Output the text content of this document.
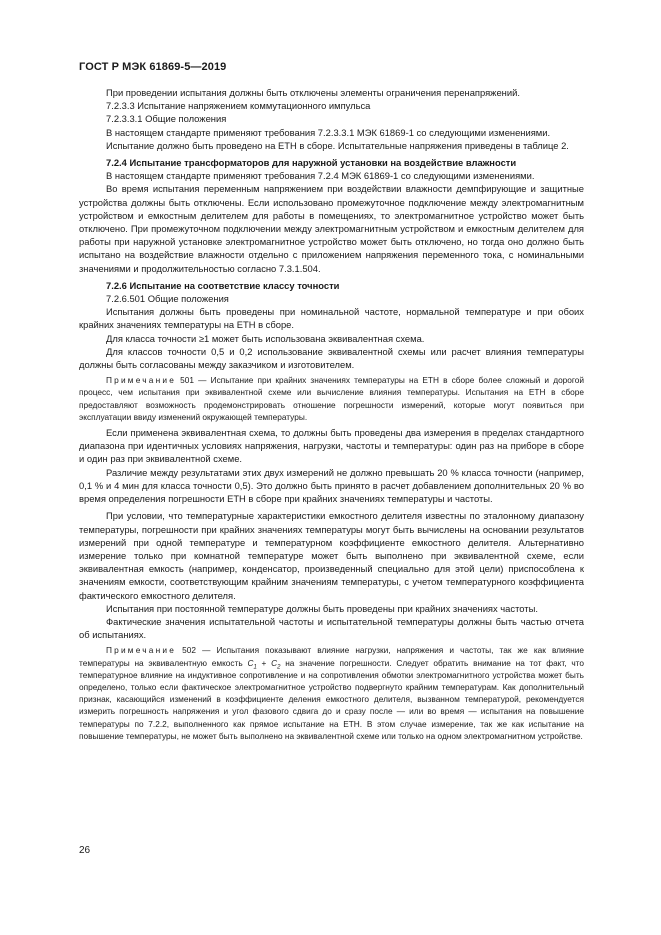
ГОСТ Р МЭК 61869-5—2019

При проведении испытания должны быть отключены элементы ограничения перенапряжений.

7.2.3.3 Испытание напряжением коммутационного импульса

7.2.3.3.1 Общие положения

В настоящем стандарте применяют требования 7.2.3.3.1 МЭК 61869-1 со следующими изменениями.

Испытание должно быть проведено на ЕТН в сборе. Испытательные напряжения приведены в таблице 2.

7.2.4 Испытание трансформаторов для наружной установки на воздействие влажности

В настоящем стандарте применяют требования 7.2.4 МЭК 61869-1 со следующими изменениями.

Во время испытания переменным напряжением при воздействии влажности демпфирующие и защитные устройства должны быть отключены. Если использовано промежуточное подключение между электромагнитным устройством и емкостным делителем для работы в помещениях, то электромагнитное устройство может быть отключено. При промежуточном подключении между электромагнитным устройством и емкостным делителем для работы при наружной установке электромагнитное устройство может быть отключено, но тогда оно должно быть испытано на воздействие влажности отдельно с приложением напряжения переменного тока, с номинальными значениями и продолжительностью согласно 7.3.1.504.

7.2.6 Испытание на соответствие классу точности

7.2.6.501 Общие положения

Испытания должны быть проведены при номинальной частоте, нормальной температуре и при обоих крайних значениях температуры на ЕТН в сборе.

Для класса точности ≥1 может быть использована эквивалентная схема.

Для классов точности 0,5 и 0,2 использование эквивалентной схемы или расчет влияния температуры должны быть согласованы между заказчиком и изготовителем.

Примечание 501 — Испытание при крайних значениях температуры на ЕТН в сборе более сложный и дорогой процесс, чем испытания при эквивалентной схеме или вычисление влияния температуры. Испытания на ЕТН в сборе предоставляют возможность продемонстрировать отношение погрешности измерений, которые могут появиться при эксплуатации ввиду изменений окружающей температуры.

Если применена эквивалентная схема, то должны быть проведены два измерения в пределах стандартного диапазона при идентичных условиях напряжения, нагрузки, частоты и температуры: один раз на приборе в сборе и один раз при эквивалентной схеме.

Различие между результатами этих двух измерений не должно превышать 20 % класса точности (например, 0,1 % и 4 мин для класса точности 0,5). Это должно быть принято в расчет добавлением дополнительных 20 % во время определения погрешности ЕТН в сборе при крайних значениях температуры и частоты.

При условии, что температурные характеристики емкостного делителя известны по эталонному диапазону температуры, погрешности при крайних значениях температуры могут быть вычислены на основании результатов измерений при одной температуре и температурном коэффициенте емкостного делителя. Альтернативно измерение только при комнатной температуре может быть выполнено при эквивалентной схеме, если эквивалентная емкость (например, конденсатор, произведенный специально для этой цели) приспособлена к значениям емкости, соответствующим крайним значениям температуры, с учетом температурного коэффициента фактического емкостного делителя.

Испытания при постоянной температуре должны быть проведены при крайних значениях частоты.

Фактические значения испытательной частоты и испытательной температуры должны быть частью отчета об испытаниях.

Примечание 502 — Испытания показывают влияние нагрузки, напряжения и частоты, так же как влияние температуры на эквивалентную емкость $C_1 + C_2$ на значение погрешности. Следует обратить внимание на тот факт, что температурное влияние на индуктивное сопротивление и на сопротивления обмотки электромагнитного устройства может быть определено, только если фактическое электромагнитное устройство подвергнуто крайним температурам. Как дополнительный признак, касающийся изменений в коэффициенте деления емкостного делителя, вызванном температурой, рекомендуется измерить погрешность напряжения и угол фазового сдвига до и сразу после — или во время — испытания на повышение температуры по 7.2.2, выполненного как прямое испытание на ЕТН. В этом случае измерение, так же как испытание на повышение температуры, не может быть выполнено на эквивалентной схеме или только на одном электромагнитном устройстве.

26
